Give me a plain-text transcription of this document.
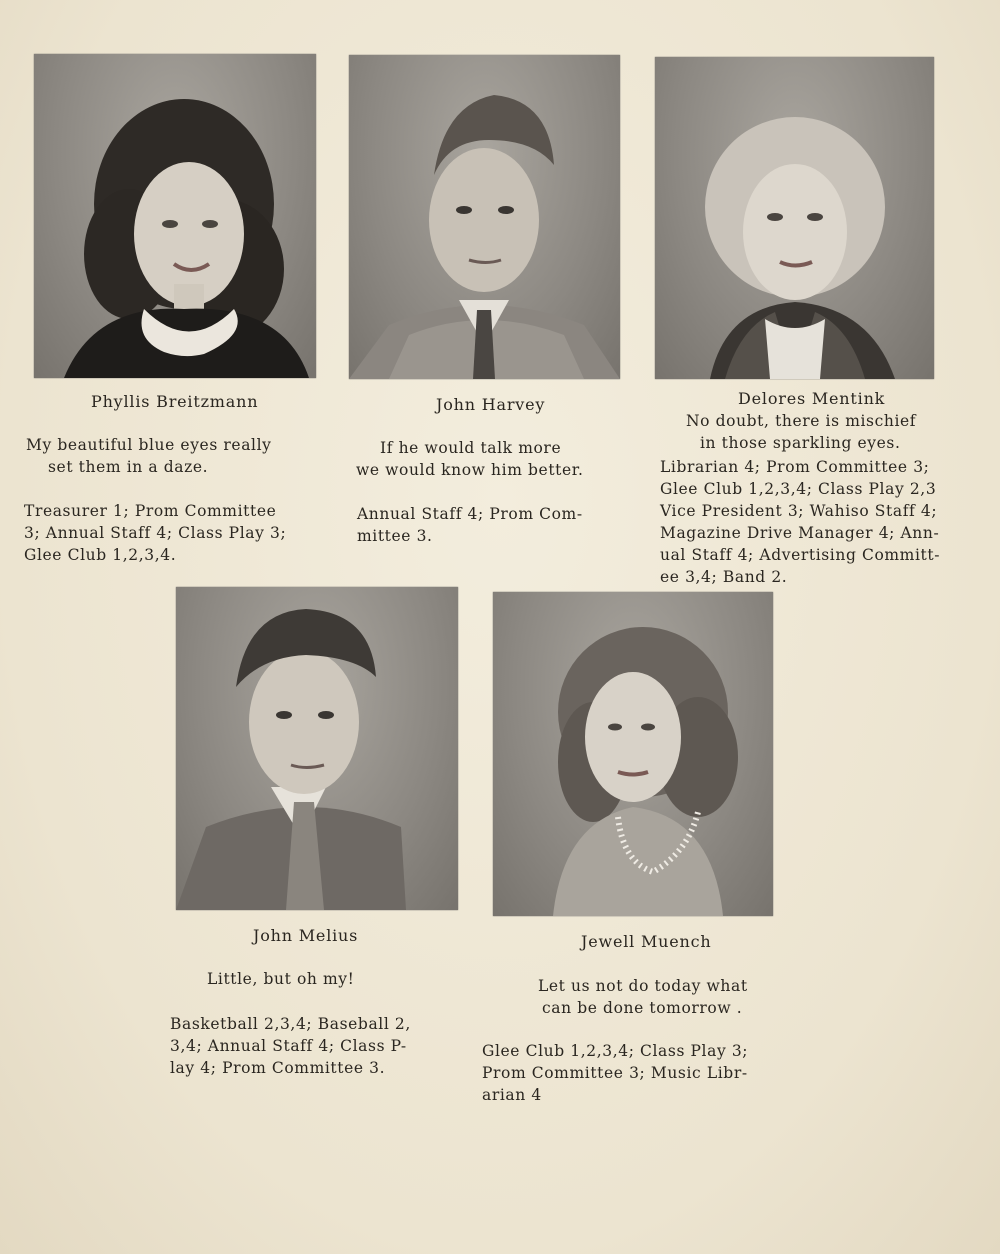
Phyllis Breitzmann
My beautiful blue eyes really
set them in a daze.
Treasurer 1; Prom Committee
3; Annual Staff 4; Class Play 3;
Glee Club 1,2,3,4.
John Harvey
If he would talk more
we would know him better.
Annual Staff 4; Prom Com-
mittee 3.
Delores Mentink
No doubt, there is mischief
in those sparkling eyes.
Librarian 4; Prom Committee 3;
Glee Club 1,2,3,4; Class Play 2,3
Vice President 3; Wahiso Staff 4;
Magazine Drive Manager 4; Ann-
ual Staff 4; Advertising Committ-
ee 3,4; Band 2.
John Melius
Little, but oh my!
Basketball 2,3,4; Baseball 2,
3,4; Annual Staff 4; Class P-
lay 4; Prom Committee 3.
Jewell Muench
Let us not do today what
can be done tomorrow .
Glee Club 1,2,3,4; Class Play 3;
Prom Committee 3; Music Libr-
arian 4
